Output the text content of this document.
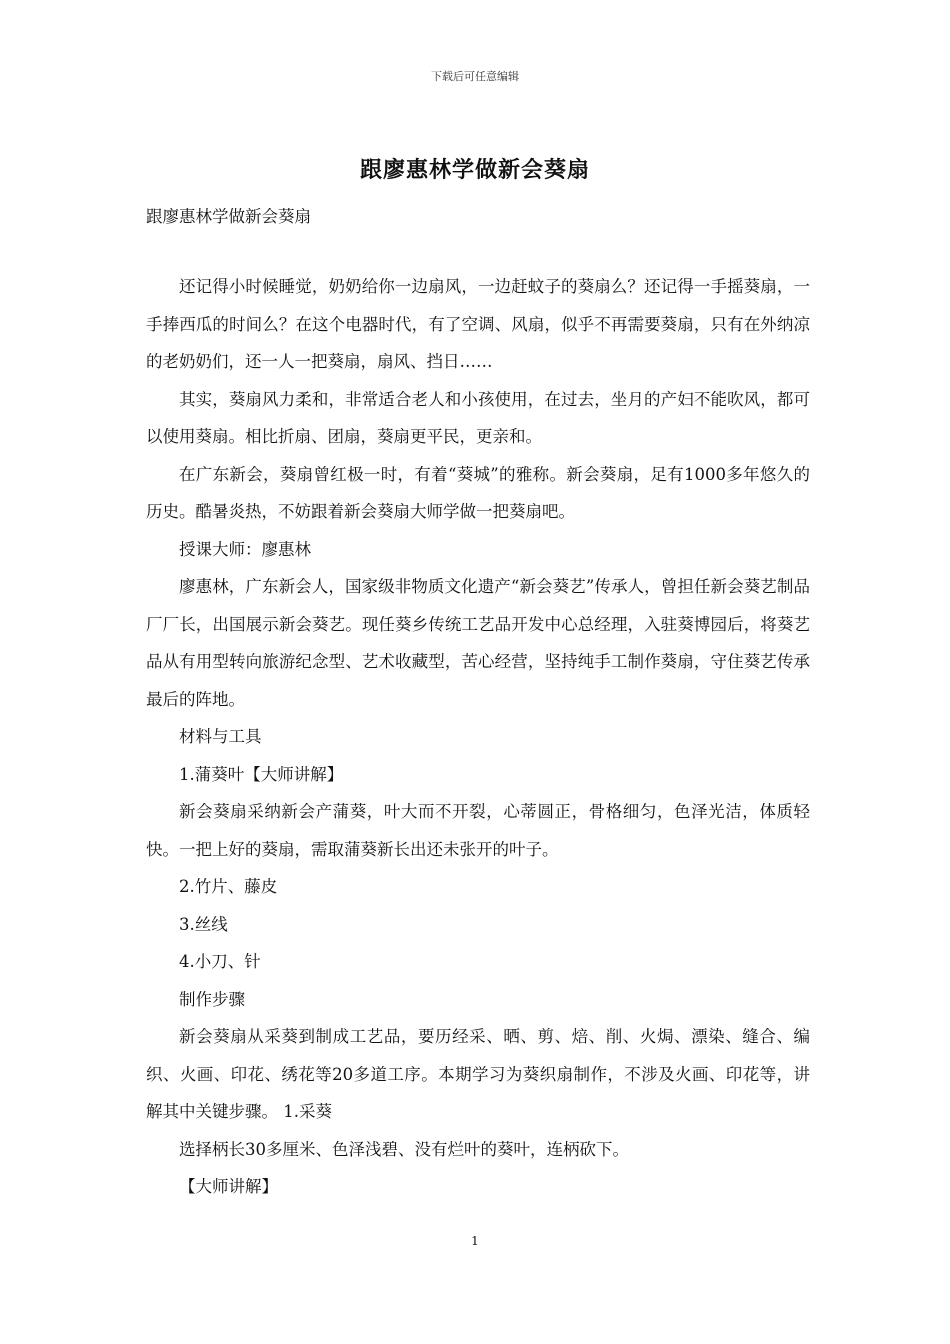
下载后可任意编辑
跟廖惠林学做新会葵扇
跟廖惠林学做新会葵扇

还记得小时候睡觉，奶奶给你一边扇风，一边赶蚊子的葵扇么？还记得一手摇葵扇，一手捧西瓜的时间么？在这个电器时代，有了空调、风扇，似乎不再需要葵扇，只有在外纳凉的老奶奶们，还一人一把葵扇，扇风、挡日……

其实，葵扇风力柔和，非常适合老人和小孩使用，在过去，坐月的产妇不能吹风，都可以使用葵扇。相比折扇、团扇，葵扇更平民，更亲和。

在广东新会，葵扇曾红极一时，有着“葵城”的雅称。新会葵扇，足有1000多年悠久的历史。酷暑炎热，不妨跟着新会葵扇大师学做一把葵扇吧。

授课大师：廖惠林

廖惠林，广东新会人，国家级非物质文化遗产“新会葵艺”传承人，曾担任新会葵艺制品厂厂长，出国展示新会葵艺。现任葵乡传统工艺品开发中心总经理，入驻葵博园后，将葵艺品从有用型转向旅游纪念型、艺术收藏型，苦心经营，坚持纯手工制作葵扇，守住葵艺传承最后的阵地。

材料与工具

1.蒲葵叶【大师讲解】

新会葵扇采纳新会产蒲葵，叶大而不开裂，心蒂圆正，骨格细匀，色泽光洁，体质轻快。一把上好的葵扇，需取蒲葵新长出还未张开的叶子。

2.竹片、藤皮

3.丝线

4.小刀、针

制作步骤

新会葵扇从采葵到制成工艺品，要历经采、晒、剪、焙、削、火焗、漂染、缝合、编织、火画、印花、绣花等20多道工序。本期学习为葵织扇制作，不涉及火画、印花等，讲解其中关键步骤。 1.采葵

选择柄长30多厘米、色泽浅碧、没有烂叶的葵叶，连柄砍下。

【大师讲解】

1
